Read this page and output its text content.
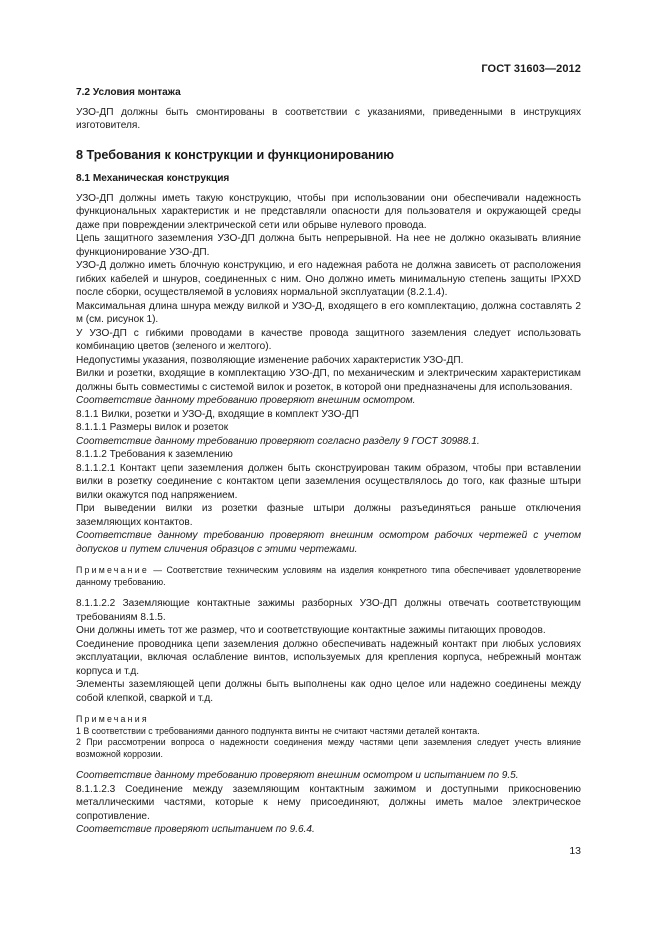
ГОСТ 31603—2012

7.2 Условия монтажа

УЗО-ДП должны быть смонтированы в соответствии с указаниями, приведенными в инструкциях изготовителя.

8 Требования к конструкции и функционированию

8.1 Механическая конструкция

УЗО-ДП должны иметь такую конструкцию, чтобы при использовании они обеспечивали надежность функциональных характеристик и не представляли опасности для пользователя и окружающей среды даже при повреждении электрической сети или обрыве нулевого провода.

Цепь защитного заземления УЗО-ДП должна быть непрерывной. На нее не должно оказывать влияние функционирование УЗО-ДП.

УЗО-Д должно иметь блочную конструкцию, и его надежная работа не должна зависеть от расположения гибких кабелей и шнуров, соединенных с ним. Оно должно иметь минимальную степень защиты IPXXD после сборки, осуществляемой в условиях нормальной эксплуатации (8.2.1.4).

Максимальная длина шнура между вилкой и УЗО-Д, входящего в его комплектацию, должна составлять 2 м (см. рисунок 1).

У УЗО-ДП с гибкими проводами в качестве провода защитного заземления следует использовать комбинацию цветов (зеленого и желтого).

Недопустимы указания, позволяющие изменение рабочих характеристик УЗО-ДП.

Вилки и розетки, входящие в комплектацию УЗО-ДП, по механическим и электрическим характеристикам должны быть совместимы с системой вилок и розеток, в которой они предназначены для использования.

Соответствие данному требованию проверяют внешним осмотром.

8.1.1 Вилки, розетки и УЗО-Д, входящие в комплект УЗО-ДП

8.1.1.1 Размеры вилок и розеток

Соответствие данному требованию проверяют согласно разделу 9 ГОСТ 30988.1.

8.1.1.2 Требования к заземлению

8.1.1.2.1 Контакт цепи заземления должен быть сконструирован таким образом, чтобы при вставлении вилки в розетку соединение с контактом цепи заземления осуществлялось до того, как фазные штыри вилки окажутся под напряжением.

При выведении вилки из розетки фазные штыри должны разъединяться раньше отключения заземляющих контактов.

Соответствие данному требованию проверяют внешним осмотром рабочих чертежей с учетом допусков и путем сличения образцов с этими чертежами.

Примечание — Соответствие техническим условиям на изделия конкретного типа обеспечивает удовлетворение данному требованию.

8.1.1.2.2 Заземляющие контактные зажимы разборных УЗО-ДП должны отвечать соответствующим требованиям 8.1.5.

Они должны иметь тот же размер, что и соответствующие контактные зажимы питающих проводов.

Соединение проводника цепи заземления должно обеспечивать надежный контакт при любых условиях эксплуатации, включая ослабление винтов, используемых для крепления корпуса, небрежный монтаж корпуса и т.д.

Элементы заземляющей цепи должны быть выполнены как одно целое или надежно соединены между собой клепкой, сваркой и т.д.

Примечания

1 В соответствии с требованиями данного подпункта винты не считают частями деталей контакта.

2 При рассмотрении вопроса о надежности соединения между частями цепи заземления следует учесть влияние возможной коррозии.

Соответствие данному требованию проверяют внешним осмотром и испытанием по 9.5.

8.1.1.2.3 Соединение между заземляющим контактным зажимом и доступными прикосновению металлическими частями, которые к нему присоединяют, должны иметь малое электрическое сопротивление.

Соответствие проверяют испытанием по 9.6.4.

13
